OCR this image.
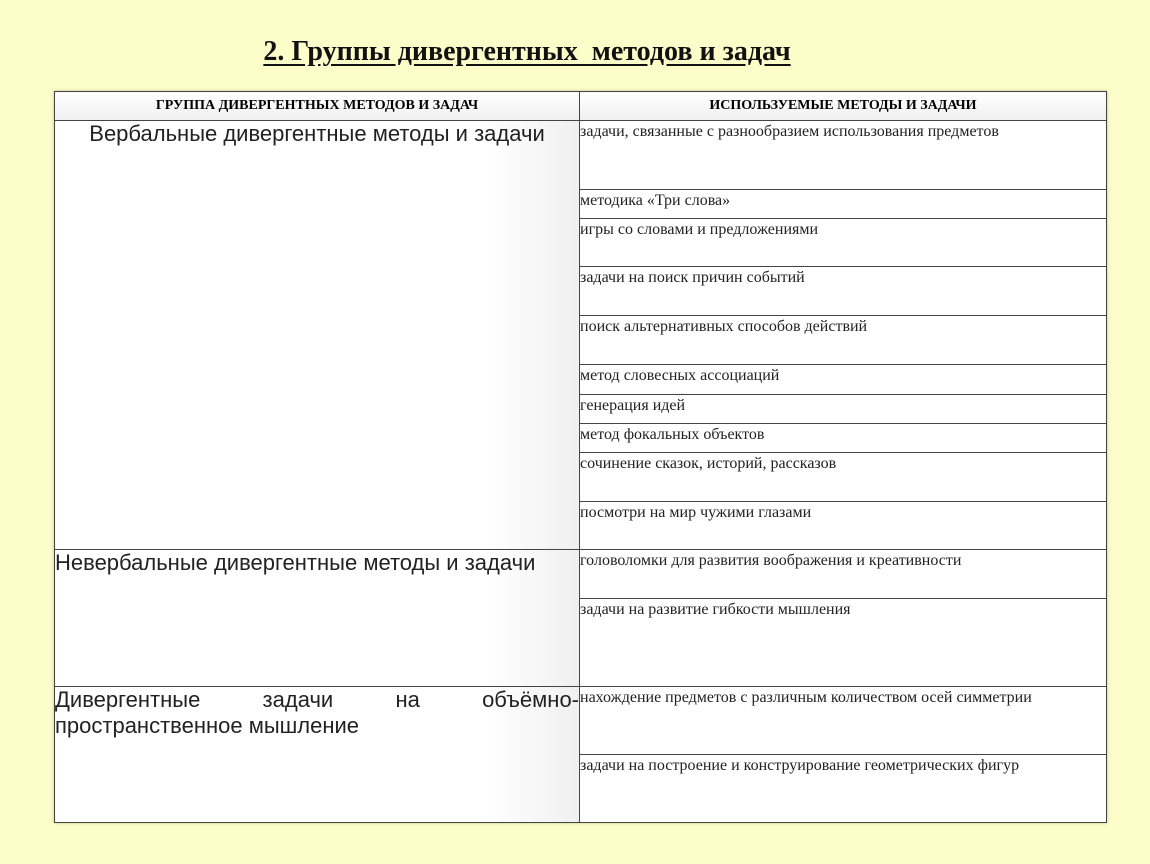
2. Группы дивергентных  методов и задач
ГРУППА ДИВЕРГЕНТНЫХ МЕТОДОВ И ЗАДАЧ	ИСПОЛЬЗУЕМЫЕ МЕТОДЫ И ЗАДАЧИ
Вербальные дивергентные методы и задачи	задачи, связанные с разнообразием использования предметов
	методика «Три слова»
	игры со словами и предложениями
	задачи на поиск причин событий
	поиск альтернативных способов действий
	метод словесных ассоциаций
	генерация идей
	метод фокальных объектов
	сочинение сказок, историй, рассказов
	посмотри на мир чужими глазами
Невербальные дивергентные методы и задачи	головоломки для развития воображения и креативности
	задачи на развитие гибкости мышления
Дивергентные задачи на объёмно-пространственное мышление	нахождение предметов с различным количеством осей симметрии
	задачи на построение и конструирование геометрических фигур
